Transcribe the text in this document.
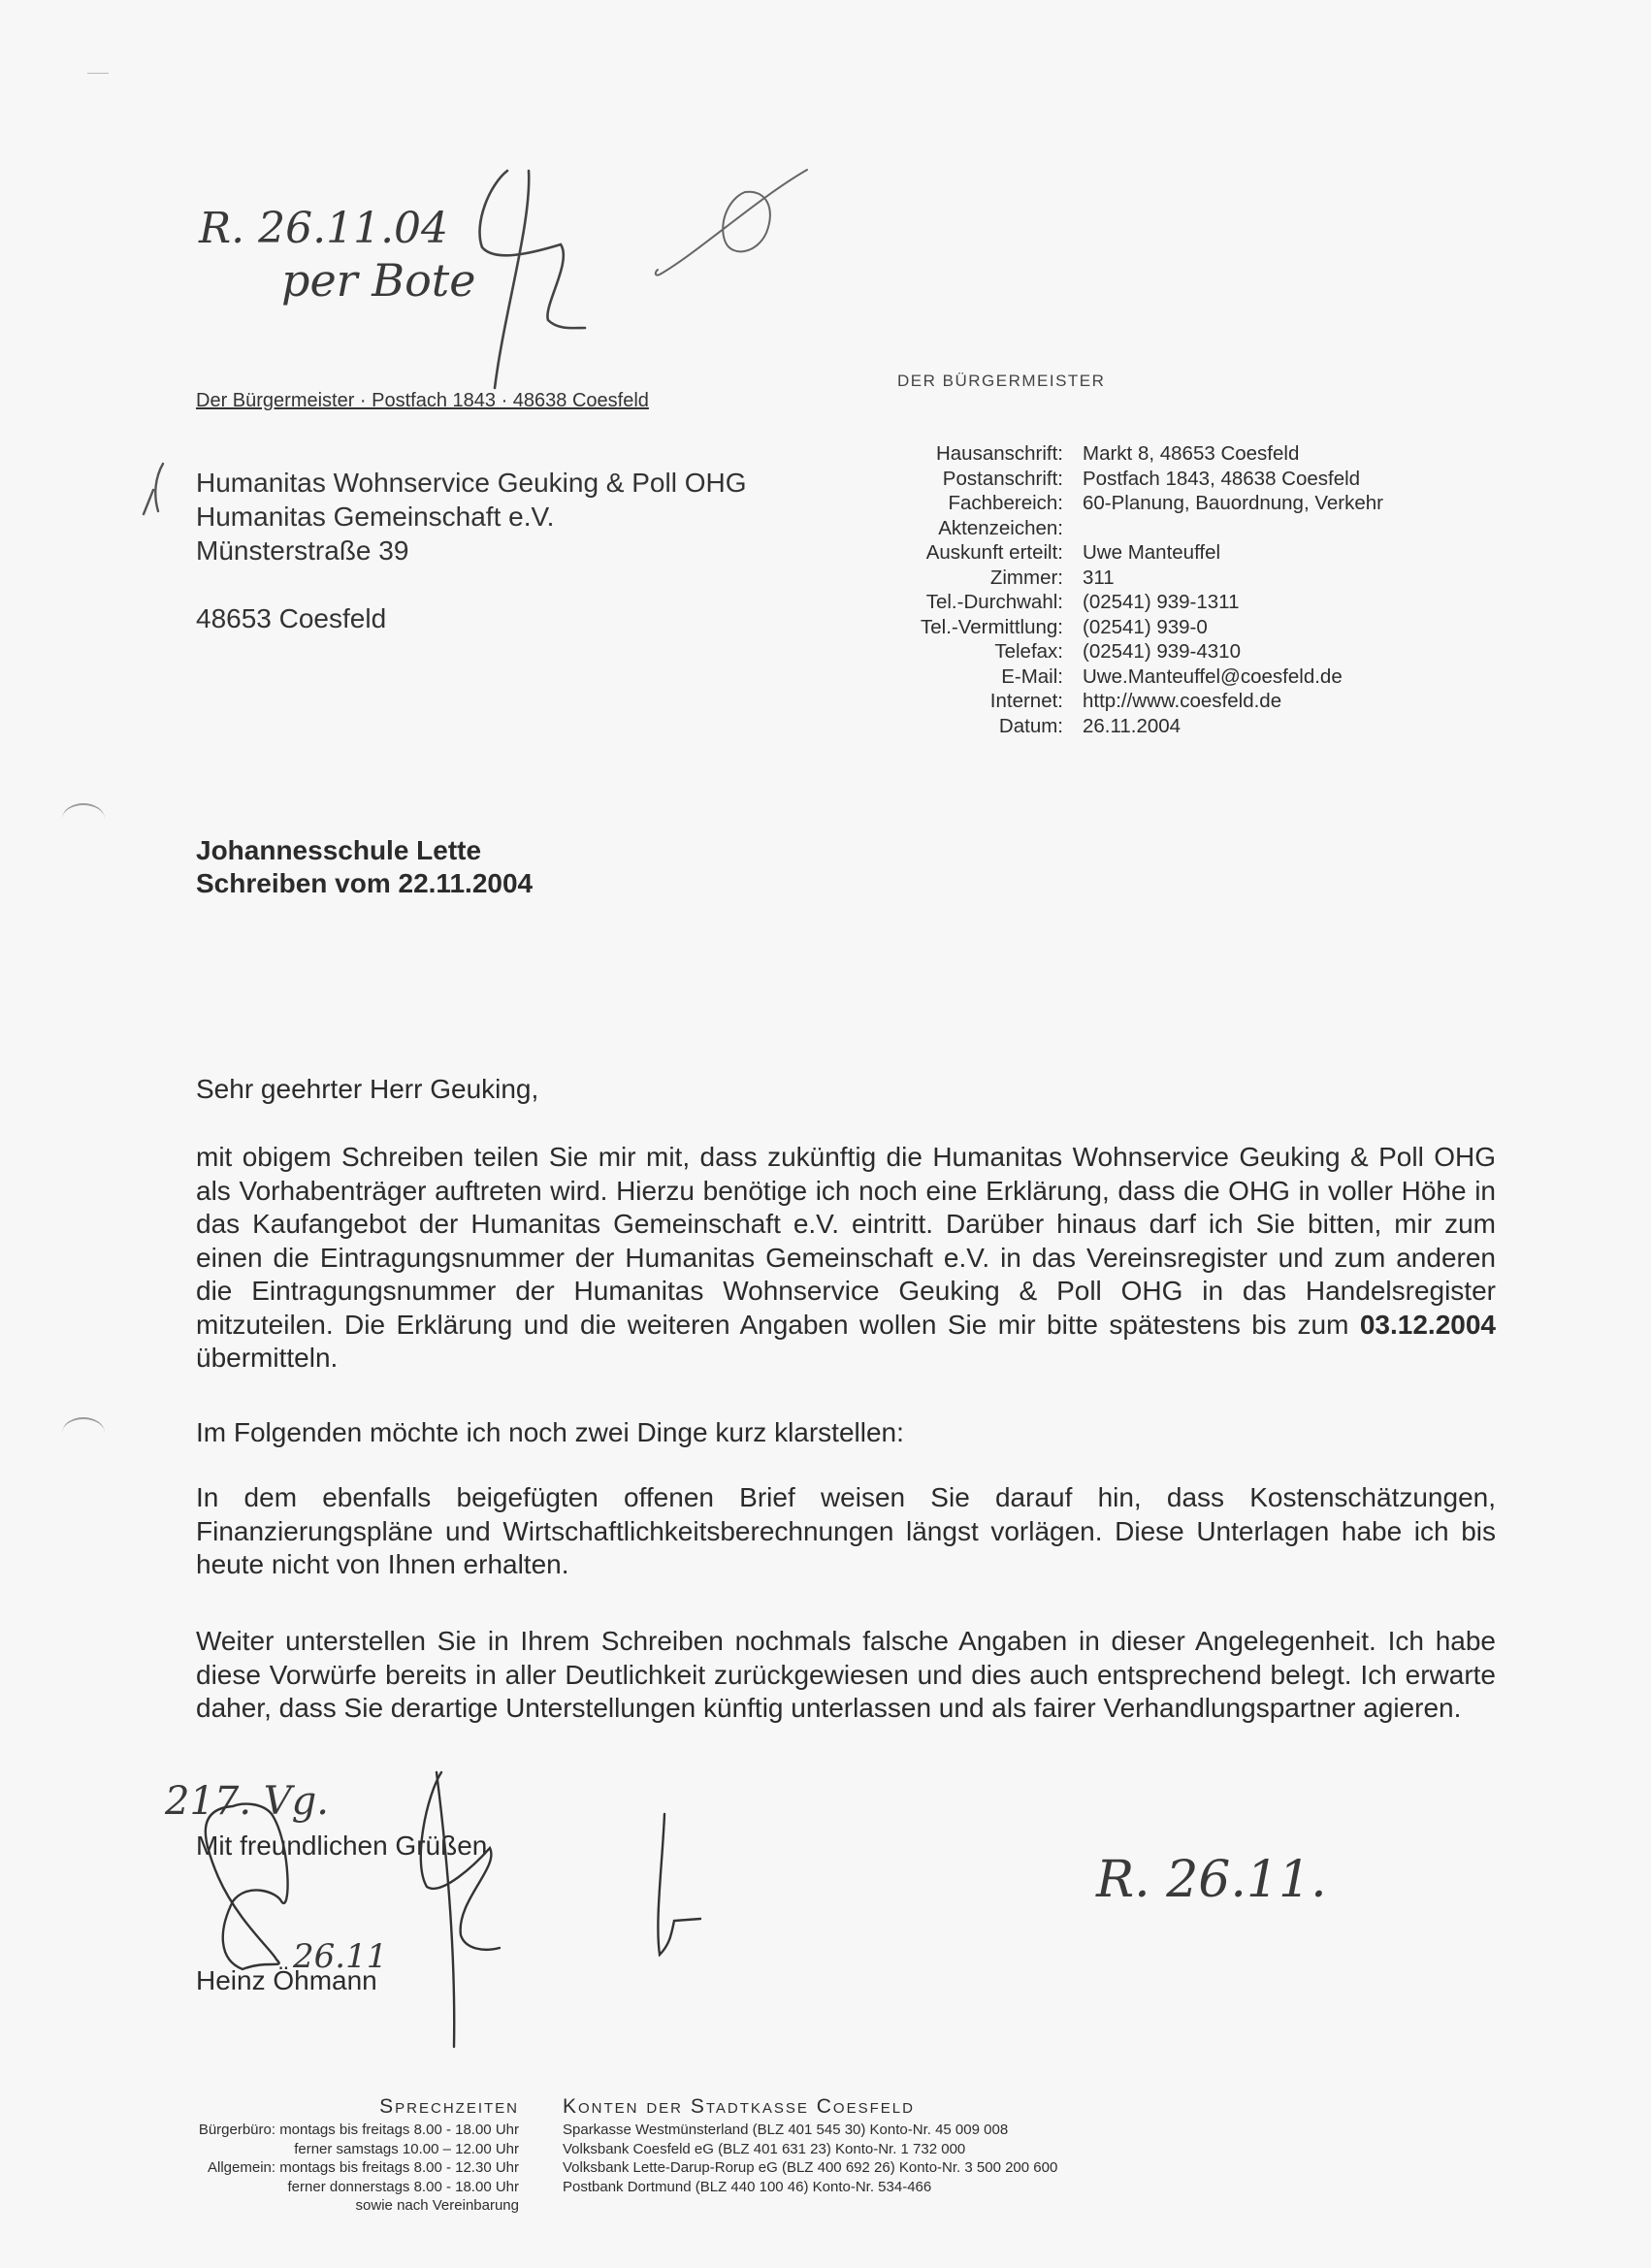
Der Bürgermeister · Postfach 1843 · 48638 Coesfeld
DER BÜRGERMEISTER
Humanitas Wohnservice Geuking & Poll OHG
Humanitas Gemeinschaft e.V.
Münsterstraße 39
48653 Coesfeld
Hausanschrift:	Markt 8, 48653 Coesfeld
Postanschrift:	Postfach 1843, 48638 Coesfeld
Fachbereich:	60-Planung, Bauordnung, Verkehr
Aktenzeichen:	
Auskunft erteilt:	Uwe Manteuffel
Zimmer:	311
Tel.-Durchwahl:	(02541) 939-1311
Tel.-Vermittlung:	(02541) 939-0
Telefax:	(02541) 939-4310
E-Mail:	Uwe.Manteuffel@coesfeld.de
Internet:	http://www.coesfeld.de
Datum:	26.11.2004
Johannesschule Lette
Schreiben vom 22.11.2004
Sehr geehrter Herr Geuking,
mit obigem Schreiben teilen Sie mir mit, dass zukünftig die Humanitas Wohnservice Geuking & Poll OHG als Vorhabenträger auftreten wird. Hierzu benötige ich noch eine Erklärung, dass die OHG in voller Höhe in das Kaufangebot der Humanitas Gemeinschaft e.V. eintritt. Darüber hinaus darf ich Sie bitten, mir zum einen die Eintragungsnummer der Humanitas Gemeinschaft e.V. in das Vereinsregister und zum anderen die Eintragungsnummer der Humanitas Wohnservice Geuking & Poll OHG in das Handelsregister mitzuteilen. Die Erklärung und die weiteren Angaben wollen Sie mir bitte spätestens bis zum 03.12.2004 übermitteln.
Im Folgenden möchte ich noch zwei Dinge kurz klarstellen:
In dem ebenfalls beigefügten offenen Brief weisen Sie darauf hin, dass Kostenschätzungen, Finanzierungspläne und Wirtschaftlichkeitsberechnungen längst vorlägen. Diese Unterlagen habe ich bis heute nicht von Ihnen erhalten.
Weiter unterstellen Sie in Ihrem Schreiben nochmals falsche Angaben in dieser Angelegenheit. Ich habe diese Vorwürfe bereits in aller Deutlichkeit zurückgewiesen und dies auch entsprechend belegt. Ich erwarte daher, dass Sie derartige Unterstellungen künftig unterlassen und als fairer Verhandlungspartner agieren.
Mit freundlichen Grüßen
Heinz Öhmann
Sprechzeiten
Bürgerbüro: montags bis freitags 8.00 - 18.00 Uhr
ferner samstags 10.00 – 12.00 Uhr
Allgemein: montags bis freitags 8.00 - 12.30 Uhr
ferner donnerstags 8.00 - 18.00 Uhr
sowie nach Vereinbarung
Konten der Stadtkasse Coesfeld
Sparkasse Westmünsterland (BLZ 401 545 30) Konto-Nr. 45 009 008
Volksbank Coesfeld eG (BLZ 401 631 23) Konto-Nr. 1 732 000
Volksbank Lette-Darup-Rorup eG (BLZ 400 692 26) Konto-Nr. 3 500 200 600
Postbank Dortmund (BLZ 440 100 46) Konto-Nr. 534-466
R. 26.11.04
per Bote
217. Vg.
26.11
R. 26.11.
